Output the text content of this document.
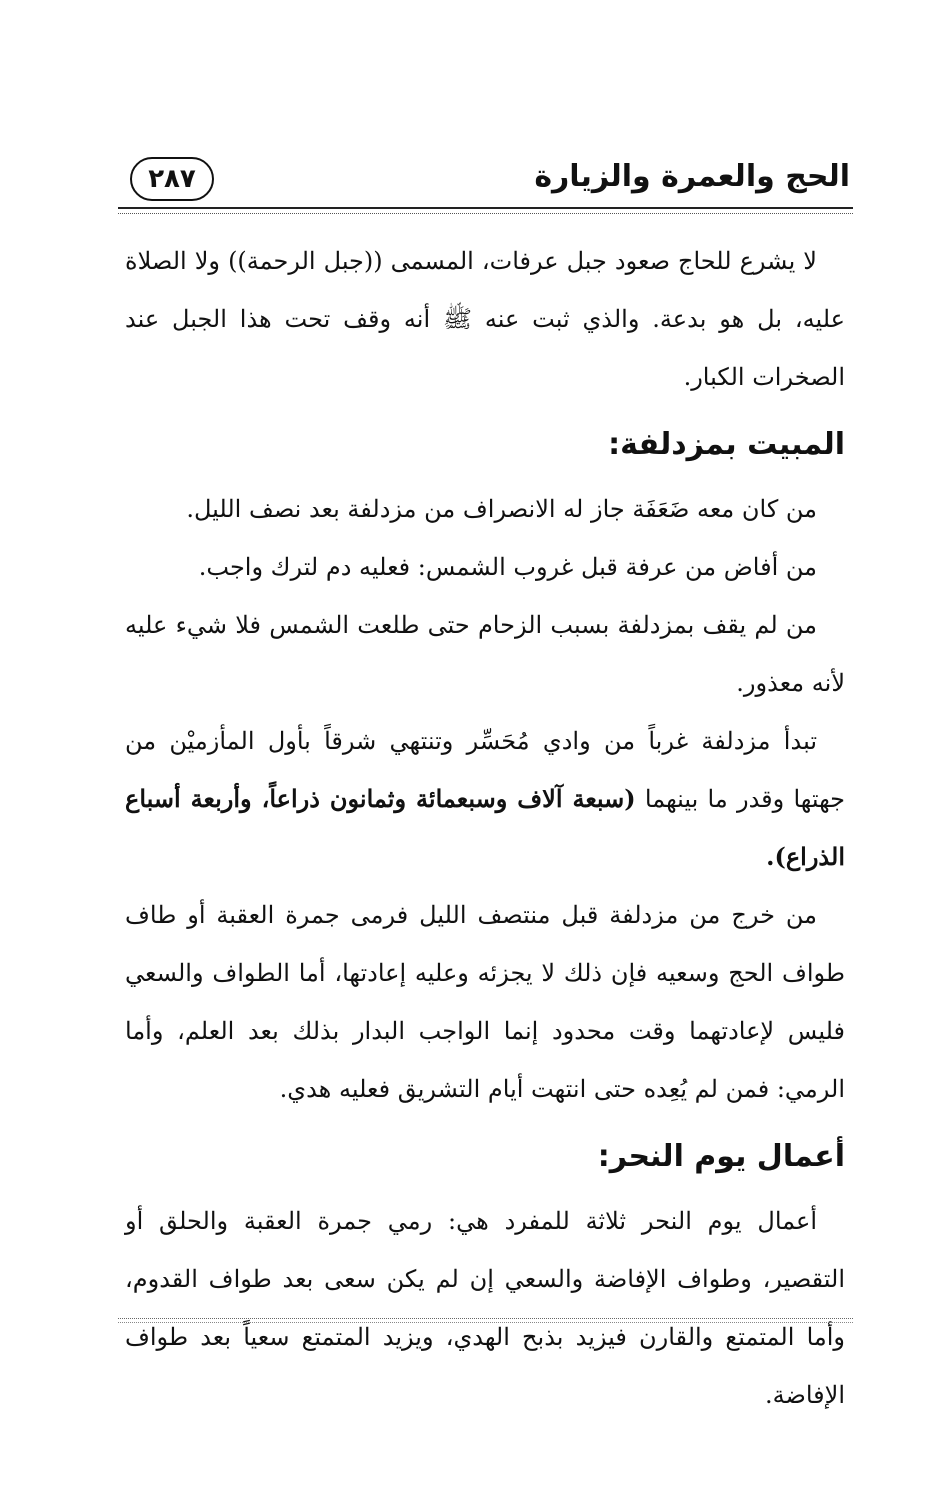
الحج والعمرة والزيارة
٢٨٧

لا يشرع للحاج صعود جبل عرفات، المسمى ((جبل الرحمة)) ولا الصلاة عليه، بل هو بدعة. والذي ثبت عنه ﷺ أنه وقف تحت هذا الجبل عند الصخرات الكبار.

المبيت بمزدلفة:

من كان معه ضَعَفَة جاز له الانصراف من مزدلفة بعد نصف الليل.

من أفاض من عرفة قبل غروب الشمس: فعليه دم لترك واجب.

من لم يقف بمزدلفة بسبب الزحام حتى طلعت الشمس فلا شيء عليه لأنه معذور.

تبدأ مزدلفة غرباً من وادي مُحَسِّر وتنتهي شرقاً بأول المأزميْن من جهتها وقدر ما بينهما (سبعة آلاف وسبعمائة وثمانون ذراعاً، وأربعة أسباع الذراع).

من خرج من مزدلفة قبل منتصف الليل فرمى جمرة العقبة أو طاف طواف الحج وسعيه فإن ذلك لا يجزئه وعليه إعادتها، أما الطواف والسعي فليس لإعادتهما وقت محدود إنما الواجب البدار بذلك بعد العلم، وأما الرمي: فمن لم يُعِده حتى انتهت أيام التشريق فعليه هدي.

أعمال يوم النحر:

أعمال يوم النحر ثلاثة للمفرد هي: رمي جمرة العقبة والحلق أو التقصير، وطواف الإفاضة والسعي إن لم يكن سعى بعد طواف القدوم، وأما المتمتع والقارن فيزيد بذبح الهدي، ويزيد المتمتع سعياً بعد طواف الإفاضة.
